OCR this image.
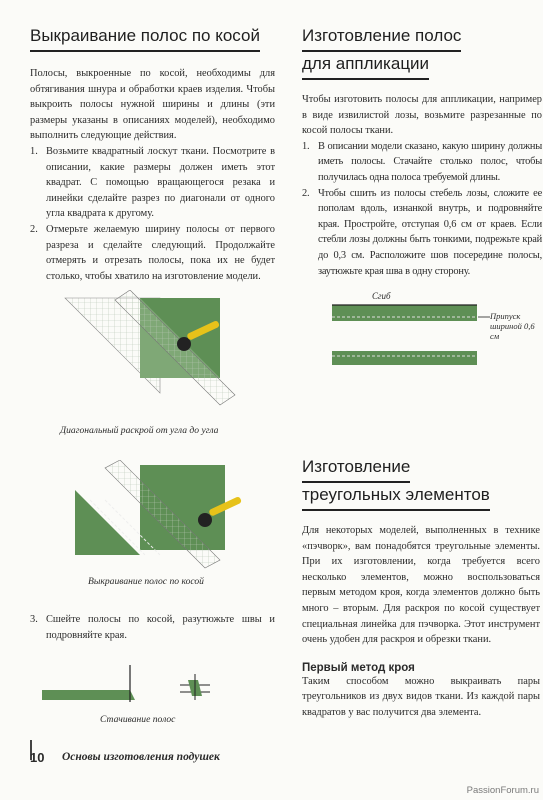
Выкраивание полос по косой

Полосы, выкроенные по косой, необходимы для обтягивания шнура и обработки краев изделия. Чтобы выкроить полосы нужной ширины и длины (эти размеры указаны в описаниях моделей), необходимо выполнить следующие действия.

1. Возьмите квадратный лоскут ткани. Посмотрите в описании, какие размеры должен иметь этот квадрат. С помощью вращающегося резака и линейки сделайте разрез по диагонали от одного угла квадрата к другому.
2. Отмерьте желаемую ширину полосы от первого разреза и сделайте следующий. Продолжайте отмерять и отрезать полосы, пока их не будет столько, чтобы хватило на изготовление модели.
Диагональный раскрой от угла до угла
Выкраивание полос по косой
3. Сшейте полосы по косой, разутюжьте швы и подровняйте края.
Стачивание полос
Изготовление полос
для аппликации

Чтобы изготовить полосы для аппликации, например в виде извилистой лозы, возьмите разрезанные по косой полосы ткани.

1. В описании модели сказано, какую ширину должны иметь полосы. Стачайте столько полос, чтобы получилась одна полоса требуемой длины.
2. Чтобы сшить из полосы стебель лозы, сложите ее пополам вдоль, изнанкой внутрь, и подровняйте края. Простройте, отступая 0,6 см от краев. Если стебли лозы должны быть тонкими, подрежьте край до 0,3 см. Расположите шов посередине полосы, заутюжьте края шва в одну сторону.
Сгиб
Припуск
шириной 0,6 см
Изготовление
треугольных элементов

Для некоторых моделей, выполненных в технике «пэчворк», вам понадобятся треугольные элементы. При их изготовлении, когда требуется всего несколько элементов, можно воспользоваться первым методом кроя, когда элементов должно быть много – вторым. Для раскроя по косой существует специальная линейка для пэчворка. Этот инструмент очень удобен для раскроя и обрезки ткани.

Первый метод кроя

Таким способом можно выкраивать пары треугольников из двух видов ткани. Из каждой пары квадратов у вас получится два элемента.

10 Основы изготовления подушек
PassionForum.ru
